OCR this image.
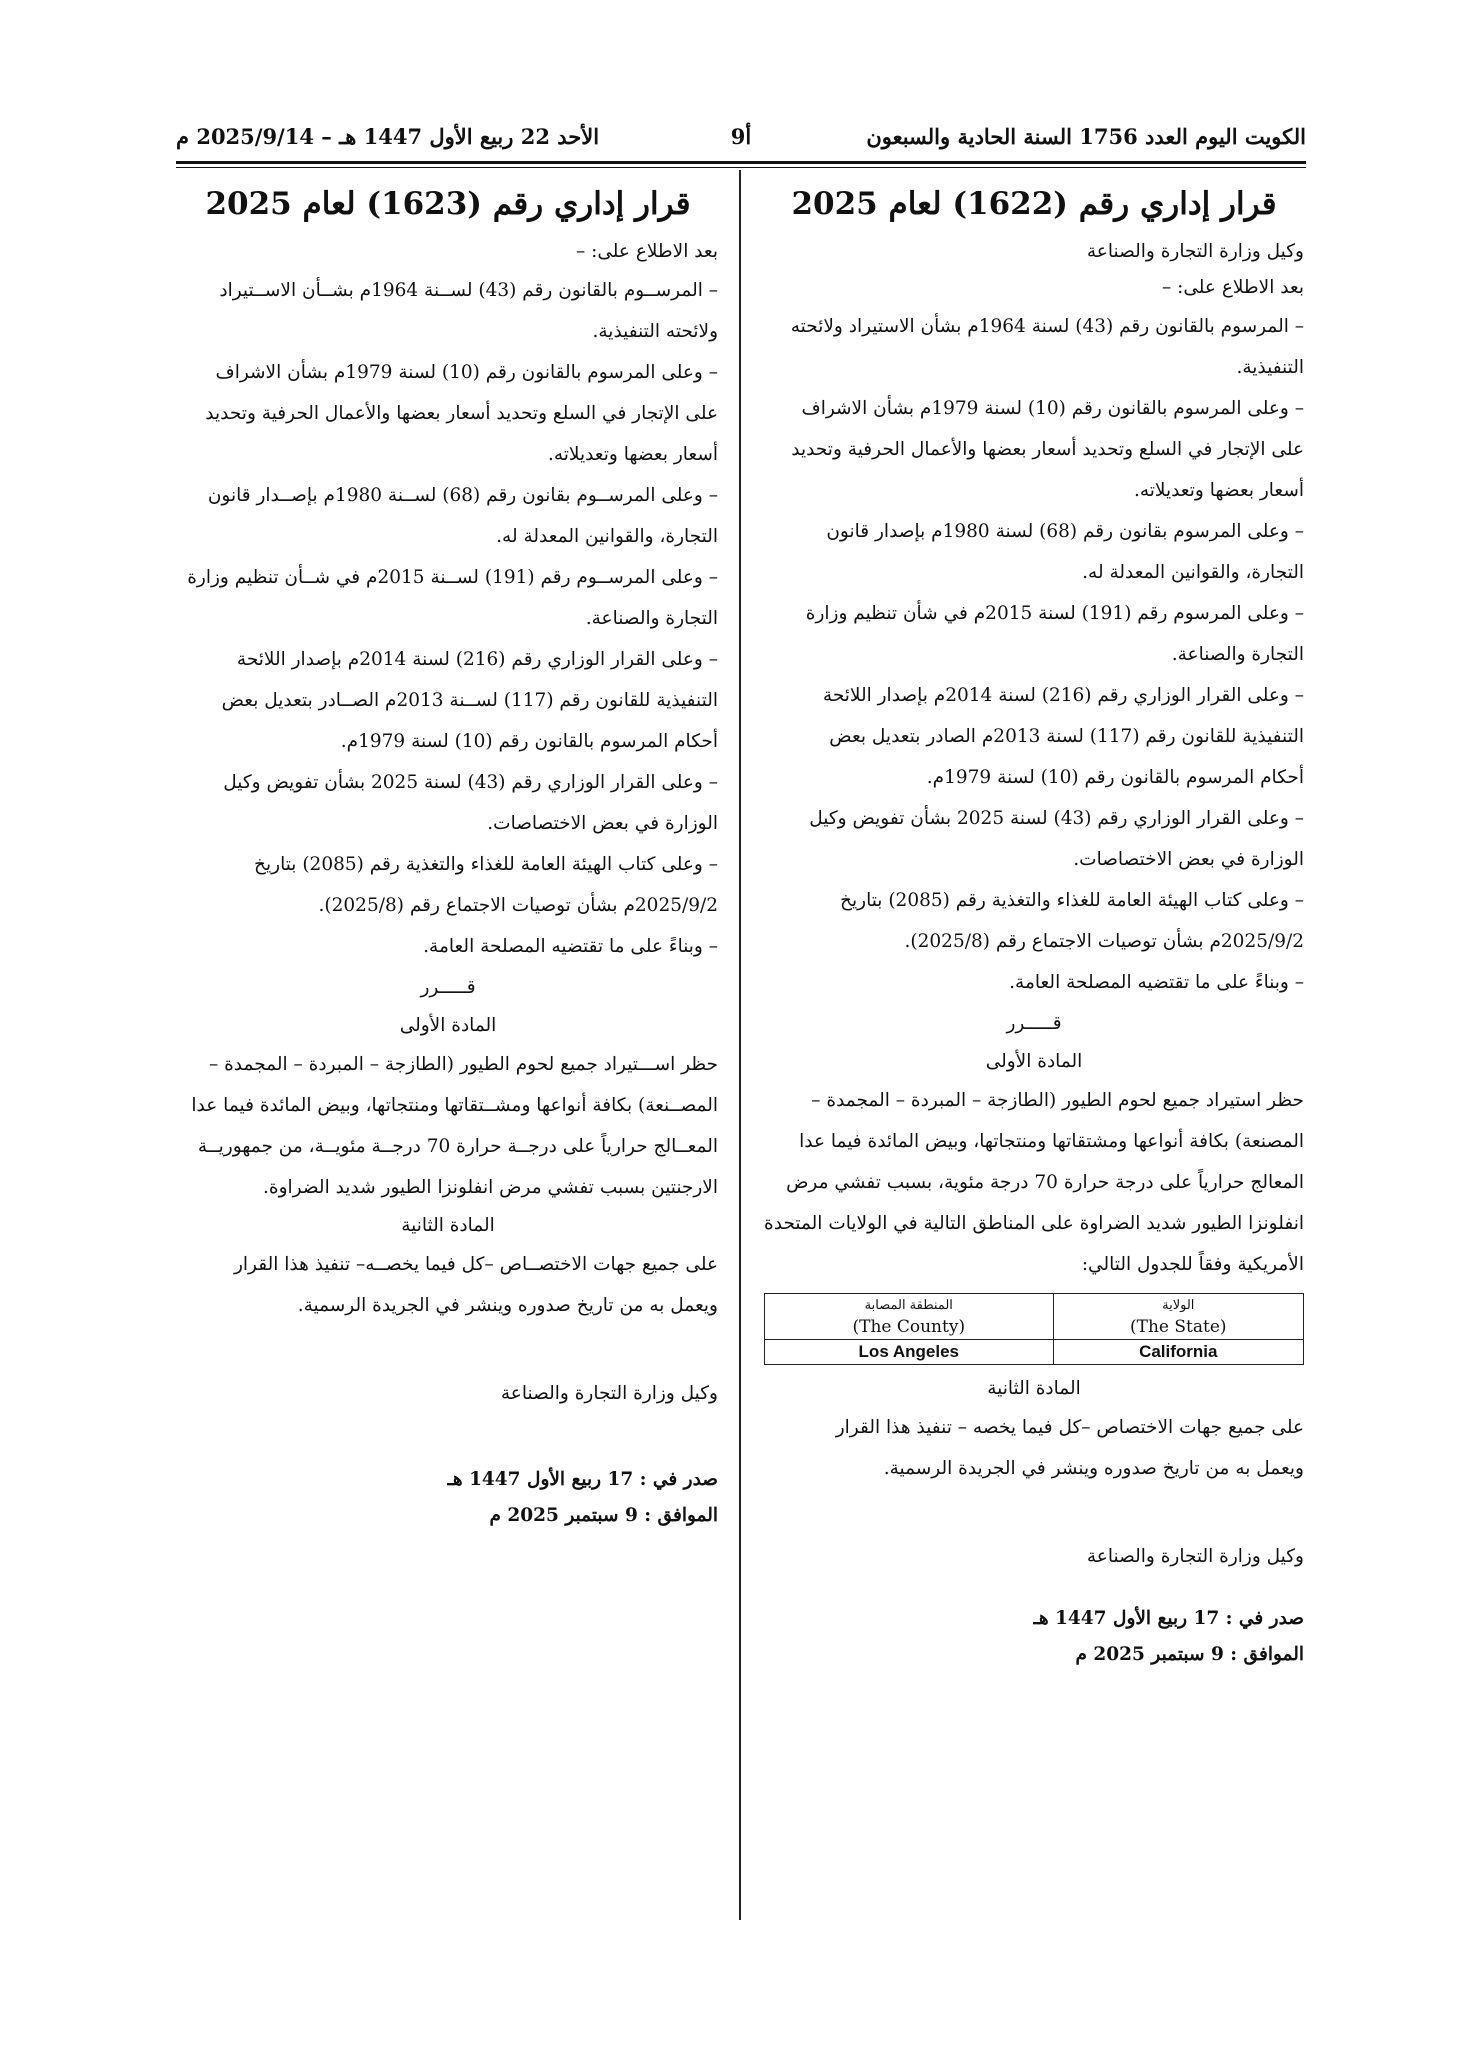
الكويت اليوم العدد 1756 السنة الحادية والسبعون
أ9
الأحد 22 ربيع الأول 1447 هـ – 2025/9/14 م
قرار إداري رقم (1622) لعام 2025
وكيل وزارة التجارة والصناعة
بعد الاطلاع على: –
– المرسوم بالقانون رقم (43) لسنة 1964م بشأن الاستيراد ولائحته
التنفيذية.
– وعلى المرسوم بالقانون رقم (10) لسنة 1979م بشأن الاشراف
على الإتجار في السلع وتحديد أسعار بعضها والأعمال الحرفية وتحديد
أسعار بعضها وتعديلاته.
– وعلى المرسوم بقانون رقم (68) لسنة 1980م بإصدار قانون
التجارة، والقوانين المعدلة له.
– وعلى المرسوم رقم (191) لسنة 2015م في شأن تنظيم وزارة
التجارة والصناعة.
– وعلى القرار الوزاري رقم (216) لسنة 2014م بإصدار اللائحة
التنفيذية للقانون رقم (117) لسنة 2013م الصادر بتعديل بعض
أحكام المرسوم بالقانون رقم (10) لسنة 1979م.
– وعلى القرار الوزاري رقم (43) لسنة 2025 بشأن تفويض وكيل
الوزارة في بعض الاختصاصات.
– وعلى كتاب الهيئة العامة للغذاء والتغذية رقم (2085) بتاريخ
2025/9/2م بشأن توصيات الاجتماع رقم (2025/8).
– وبناءً على ما تقتضيه المصلحة العامة.
قـــــرر
المادة الأولى
حظر استيراد جميع لحوم الطيور (الطازجة – المبردة – المجمدة –
المصنعة) بكافة أنواعها ومشتقاتها ومنتجاتها، وبيض المائدة فيما عدا
المعالج حرارياً على درجة حرارة 70 درجة مئوية، بسبب تفشي مرض
انفلونزا الطيور شديد الضراوة على المناطق التالية في الولايات المتحدة
الأمريكية وفقاً للجدول التالي:
الولاية	المنطقة المصابة
(The State)	(The County)
California	Los Angeles
المادة الثانية
على جميع جهات الاختصاص –كل فيما يخصه – تنفيذ هذا القرار
ويعمل به من تاريخ صدوره وينشر في الجريدة الرسمية.
وكيل وزارة التجارة والصناعة
صدر في : 17 ربيع الأول 1447 هـ
الموافق : 9 سبتمبر 2025 م
قرار إداري رقم (1623) لعام 2025
بعد الاطلاع على: –
– المرســوم بالقانون رقم (43) لســنة 1964م بشــأن الاســتيراد
ولائحته التنفيذية.
– وعلى المرسوم بالقانون رقم (10) لسنة 1979م بشأن الاشراف
على الإتجار في السلع وتحديد أسعار بعضها والأعمال الحرفية وتحديد
أسعار بعضها وتعديلاته.
– وعلى المرســوم بقانون رقم (68) لســنة 1980م بإصــدار قانون
التجارة، والقوانين المعدلة له.
– وعلى المرســوم رقم (191) لســنة 2015م في شــأن تنظيم وزارة
التجارة والصناعة.
– وعلى القرار الوزاري رقم (216) لسنة 2014م بإصدار اللائحة
التنفيذية للقانون رقم (117) لســنة 2013م الصــادر بتعديل بعض
أحكام المرسوم بالقانون رقم (10) لسنة 1979م.
– وعلى القرار الوزاري رقم (43) لسنة 2025 بشأن تفويض وكيل
الوزارة في بعض الاختصاصات.
– وعلى كتاب الهيئة العامة للغذاء والتغذية رقم (2085) بتاريخ
2025/9/2م بشأن توصيات الاجتماع رقم (2025/8).
– وبناءً على ما تقتضيه المصلحة العامة.
قـــــرر
المادة الأولى
حظر اســـتيراد جميع لحوم الطيور (الطازجة – المبردة – المجمدة –
المصــنعة) بكافة أنواعها ومشــتقاتها ومنتجاتها، وبيض المائدة فيما عدا
المعــالج حرارياً على درجــة حرارة 70 درجــة مئويــة، من جمهوريــة
الارجنتين بسبب تفشي مرض انفلونزا الطيور شديد الضراوة.
المادة الثانية
على جميع جهات الاختصــاص –كل فيما يخصــه– تنفيذ هذا القرار
ويعمل به من تاريخ صدوره وينشر في الجريدة الرسمية.
وكيل وزارة التجارة والصناعة
صدر في : 17 ربيع الأول 1447 هـ
الموافق : 9 سبتمبر 2025 م
